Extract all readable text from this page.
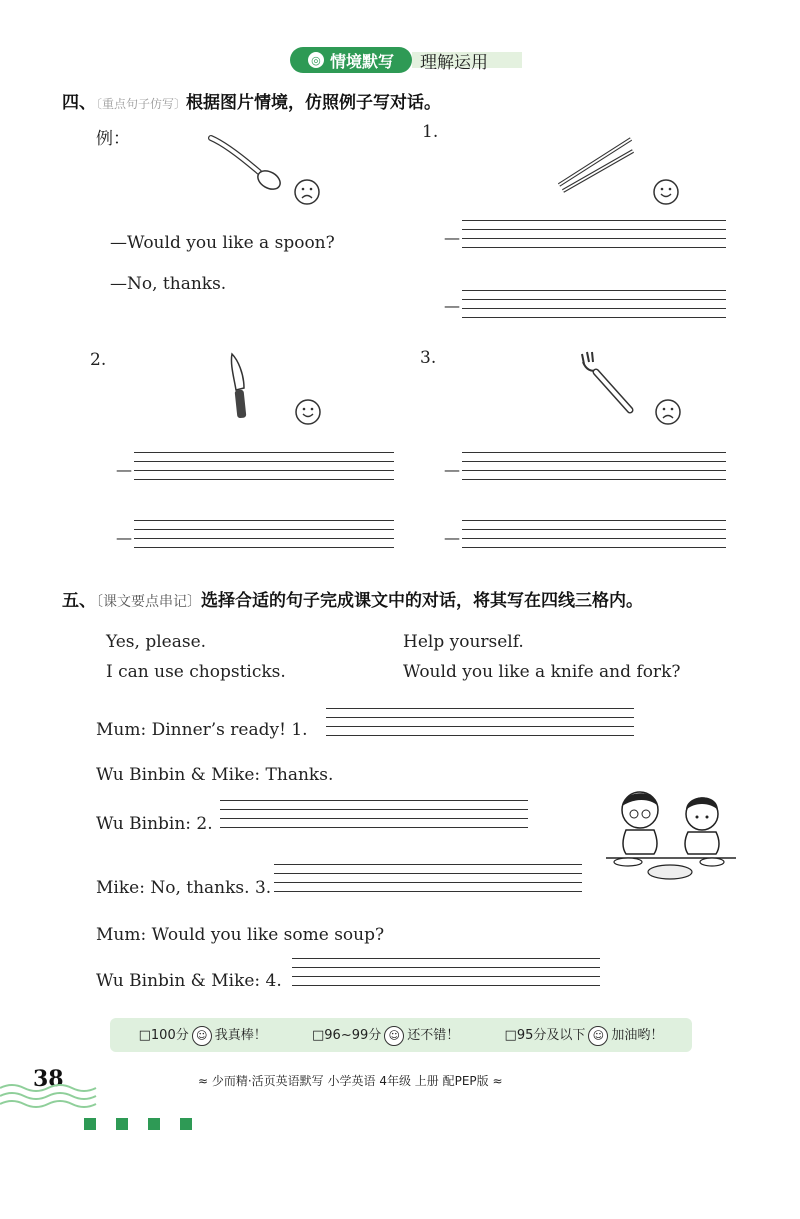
◎ 情境默写 理解运用
四、〔重点句子仿写〕根据图片情境，仿照例子写对话。
例：
—Would you like a spoon?
—No, thanks.
1.
—
—
2.
—
—
3.
—
—
五、〔课文要点串记〕选择合适的句子完成课文中的对话，将其写在四线三格内。
Yes, please.	Help yourself.
I can use chopsticks.	Would you like a knife and fork?
Mum: Dinner’s ready! 1.
Wu Binbin & Mike: Thanks.
Wu Binbin: 2.
Mike: No, thanks. 3.
Mum: Would you like some soup?
Wu Binbin & Mike: 4.
□100分 ☺ 我真棒！	□96~99分 ☺ 还不错！	□95分及以下 ☺ 加油哟！
38	≈ 少而精·活页英语默写 小学英语 4年级 上册 配PEP版 ≈
